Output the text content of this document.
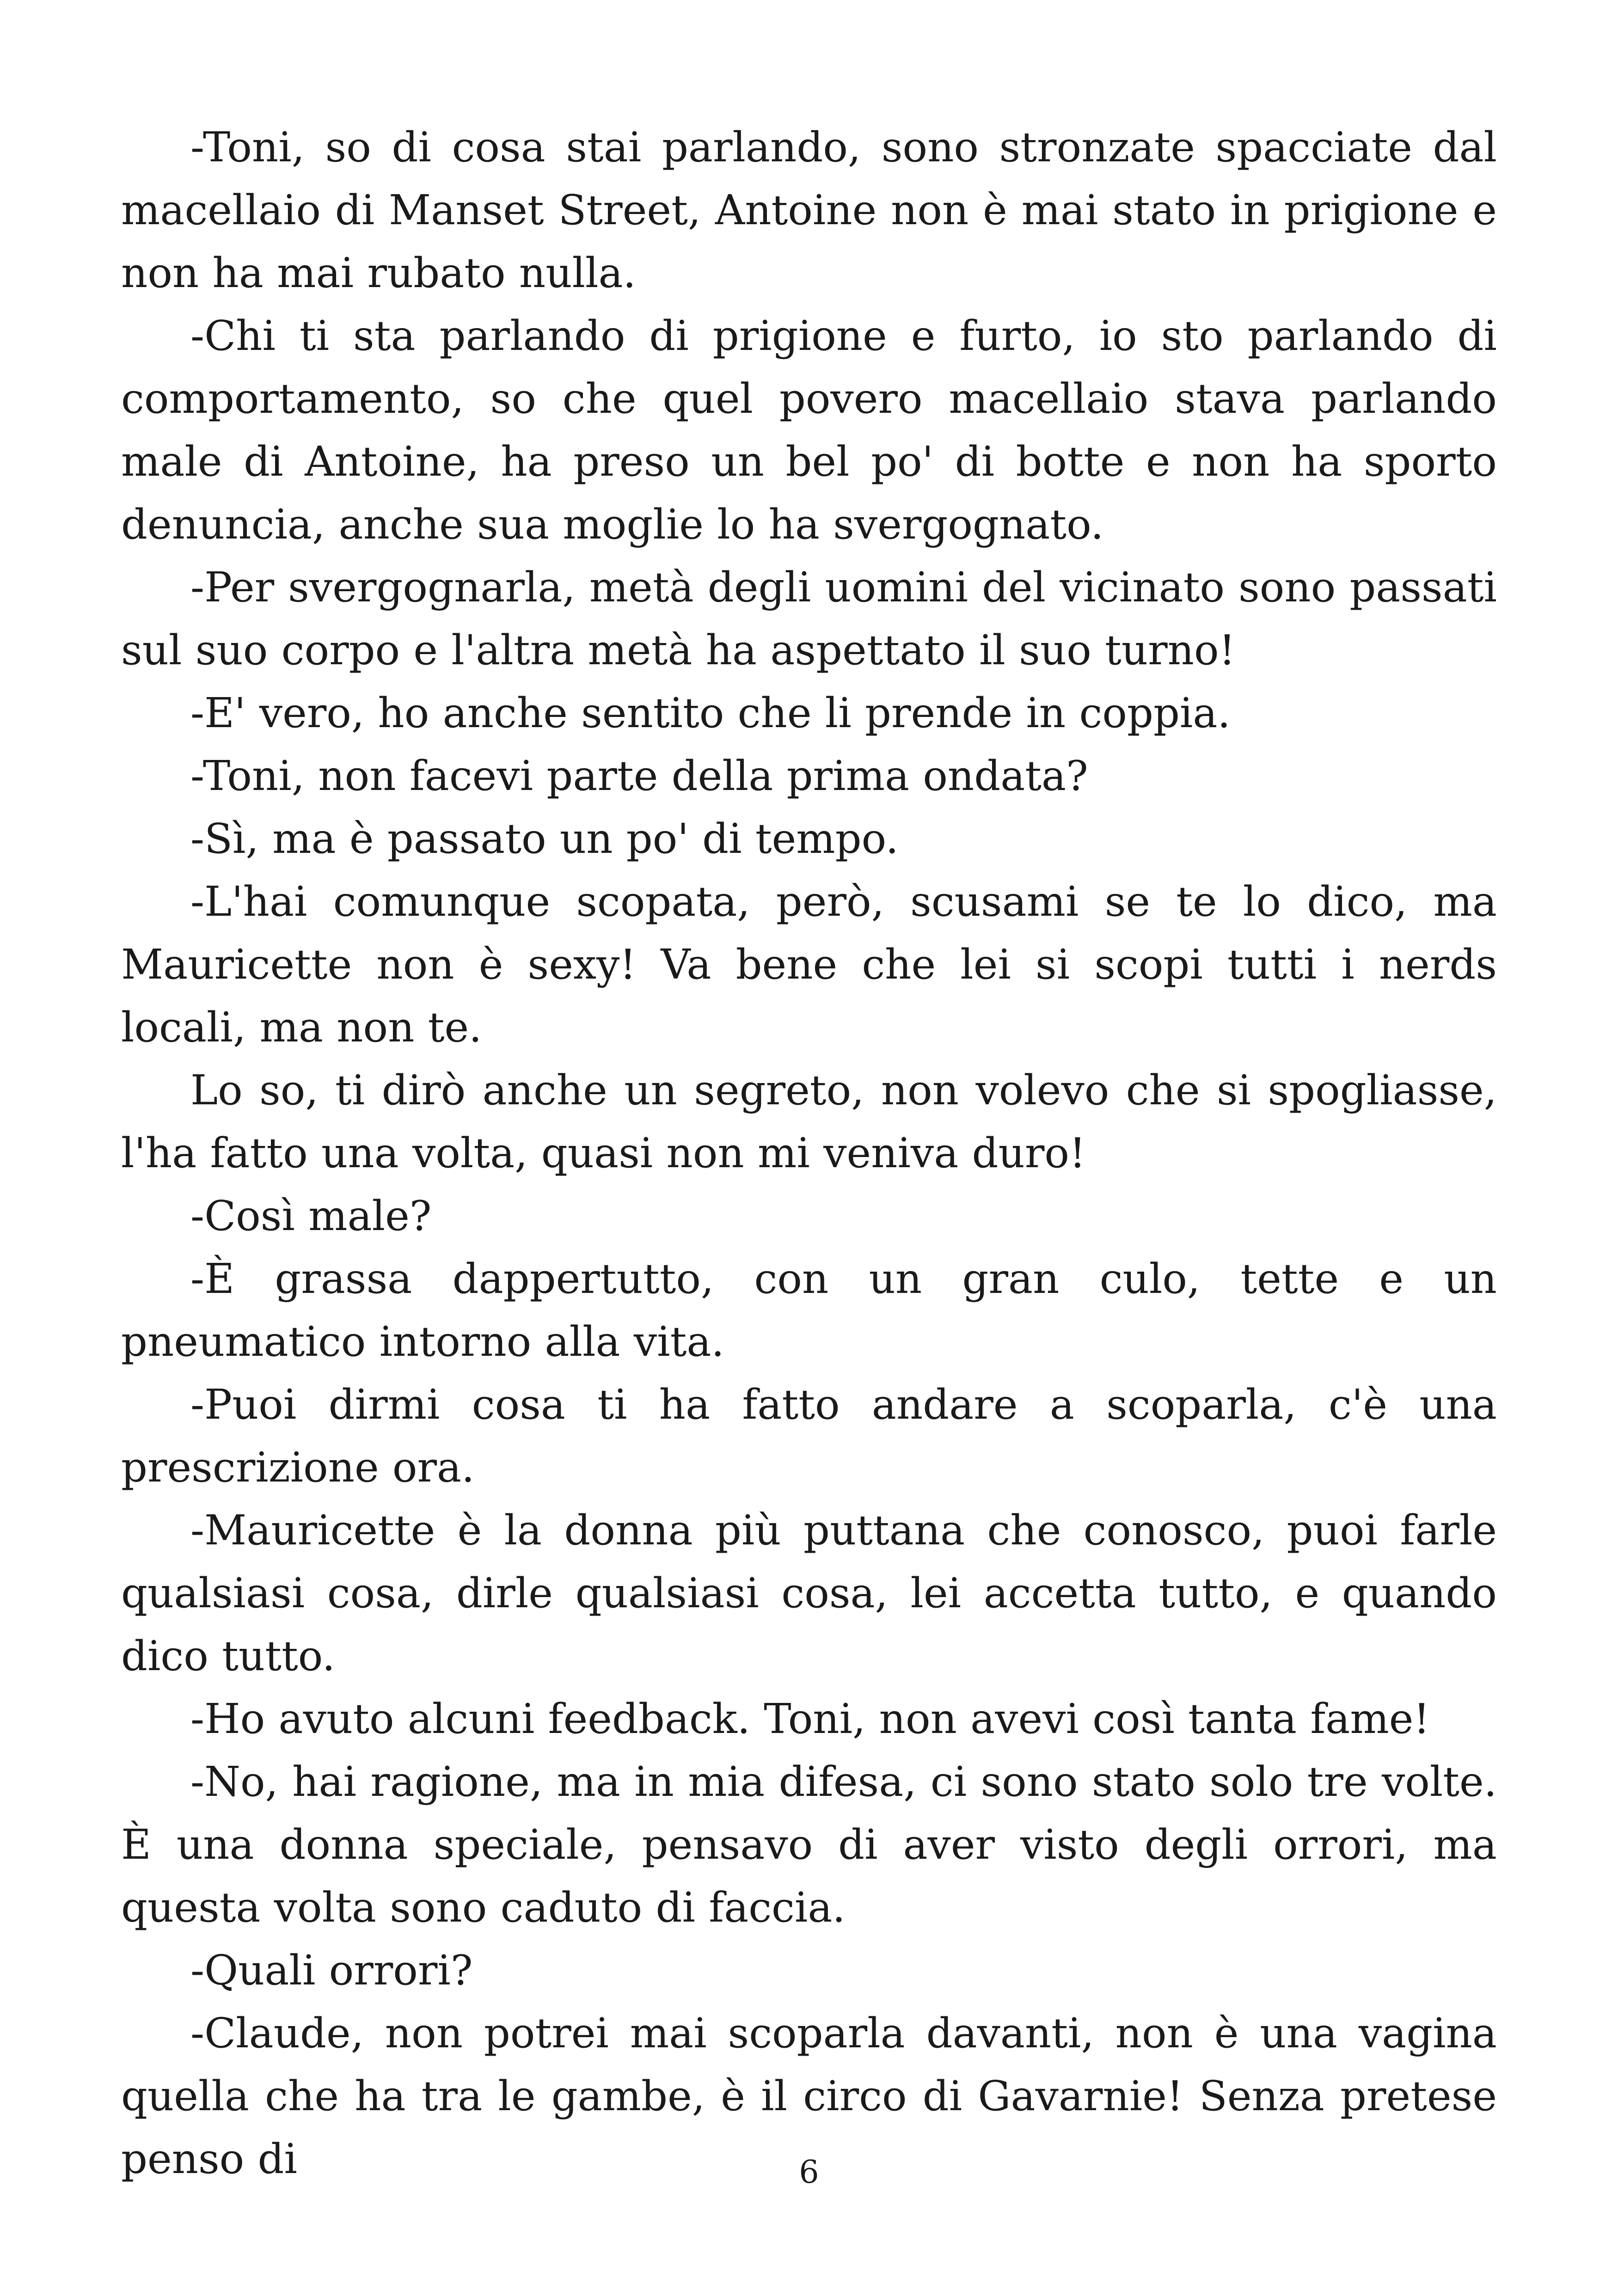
-Toni, so di cosa stai parlando, sono stronzate spacciate dal macellaio di Manset Street, Antoine non è mai stato in prigione e non ha mai rubato nulla.

-Chi ti sta parlando di prigione e furto, io sto parlando di comportamento, so che quel povero macellaio stava parlando male di Antoine, ha preso un bel po' di botte e non ha sporto denuncia, anche sua moglie lo ha svergognato.

-Per svergognarla, metà degli uomini del vicinato sono passati sul suo corpo e l'altra metà ha aspettato il suo turno!

-E' vero, ho anche sentito che li prende in coppia.

-Toni, non facevi parte della prima ondata?

-Sì, ma è passato un po' di tempo.

-L'hai comunque scopata, però, scusami se te lo dico, ma Mauricette non è sexy! Va bene che lei si scopi tutti i nerds locali, ma non te.

Lo so, ti dirò anche un segreto, non volevo che si spogliasse, l'ha fatto una volta, quasi non mi veniva duro!

-Così male?

-È grassa dappertutto, con un gran culo, tette e un pneumatico intorno alla vita.

-Puoi dirmi cosa ti ha fatto andare a scoparla, c'è una prescrizione ora.

-Mauricette è la donna più puttana che conosco, puoi farle qualsiasi cosa, dirle qualsiasi cosa, lei accetta tutto, e quando dico tutto.

-Ho avuto alcuni feedback. Toni, non avevi così tanta fame!

-No, hai ragione, ma in mia difesa, ci sono stato solo tre volte. È una donna speciale, pensavo di aver visto degli orrori, ma questa volta sono caduto di faccia.

-Quali orrori?

-Claude, non potrei mai scoparla davanti, non è una vagina quella che ha tra le gambe, è il circo di Gavarnie! Senza pretese penso di	6
